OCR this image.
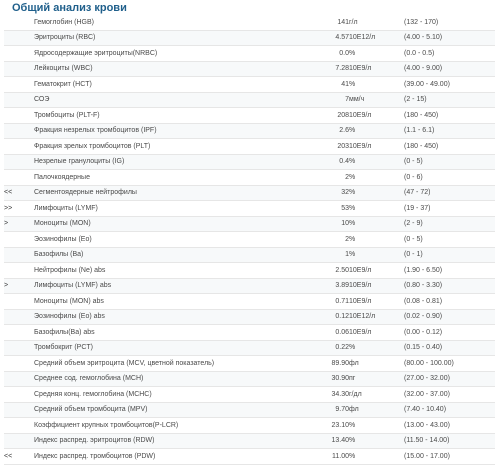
Общий анализ крови
	Гемоглобин (HGB)	141	г/л	(132 - 170)
	Эритроциты (RBC)	4.57	10E12/л	(4.00 - 5.10)
	Ядросодержащие эритроциты(NRBC)	0.0	%	(0.0 - 0.5)
	Лейкоциты (WBC)	7.28	10E9/л	(4.00 - 9.00)
	Гематокрит (HCT)	41	%	(39.00 - 49.00)
	СОЭ	7	мм/ч	(2 - 15)
	Тромбоциты (PLT-F)	208	10E9/л	(180 - 450)
	Фракция незрелых тромбоцитов (IPF)	2.6	%	(1.1 - 6.1)
	Фракция зрелых тромбоцитов (PLT)	203	10E9/л	(180 - 450)
	Незрелые гранулоциты (IG)	0.4	%	(0 - 5)
	Палочкоядерные	2	%	(0 - 6)
<<	Сегментоядерные нейтрофилы	32	%	(47 - 72)
>>	Лимфоциты (LYMF)	53	%	(19 - 37)
>	Моноциты (MON)	10	%	(2 - 9)
	Эозинофилы (Eo)	2	%	(0 - 5)
	Базофилы (Ba)	1	%	(0 - 1)
	Нейтрофилы (Ne) abs	2.50	10E9/л	(1.90 - 6.50)
>	Лимфоциты (LYMF) abs	3.89	10E9/л	(0.80 - 3.30)
	Моноциты (MON) abs	0.71	10E9/л	(0.08 - 0.81)
	Эозинофилы (Eo) abs	0.12	10E12/л	(0.02 - 0.90)
	Базофилы(Ba) abs	0.06	10E9/л	(0.00 - 0.12)
	Тромбокрит (PCT)	0.22	%	(0.15 - 0.40)
	Средний объем эритроцита (MCV, цветной показатель)	89.90	фл	(80.00 - 100.00)
	Среднее сод. гемоглобина (MCH)	30.90	пг	(27.00 - 32.00)
	Средняя конц. гемоглобина (MCHC)	34.30	г/дл	(32.00 - 37.00)
	Средний объем тромбоцита (MPV)	9.70	фл	(7.40 - 10.40)
	Коэффициент крупных тромбоцитов(P-LCR)	23.10	%	(13.00 - 43.00)
	Индекс распред. эритроцитов (RDW)	13.40	%	(11.50 - 14.00)
<<	Индекс распред. тромбоцитов (PDW)	11.00	%	(15.00 - 17.00)
